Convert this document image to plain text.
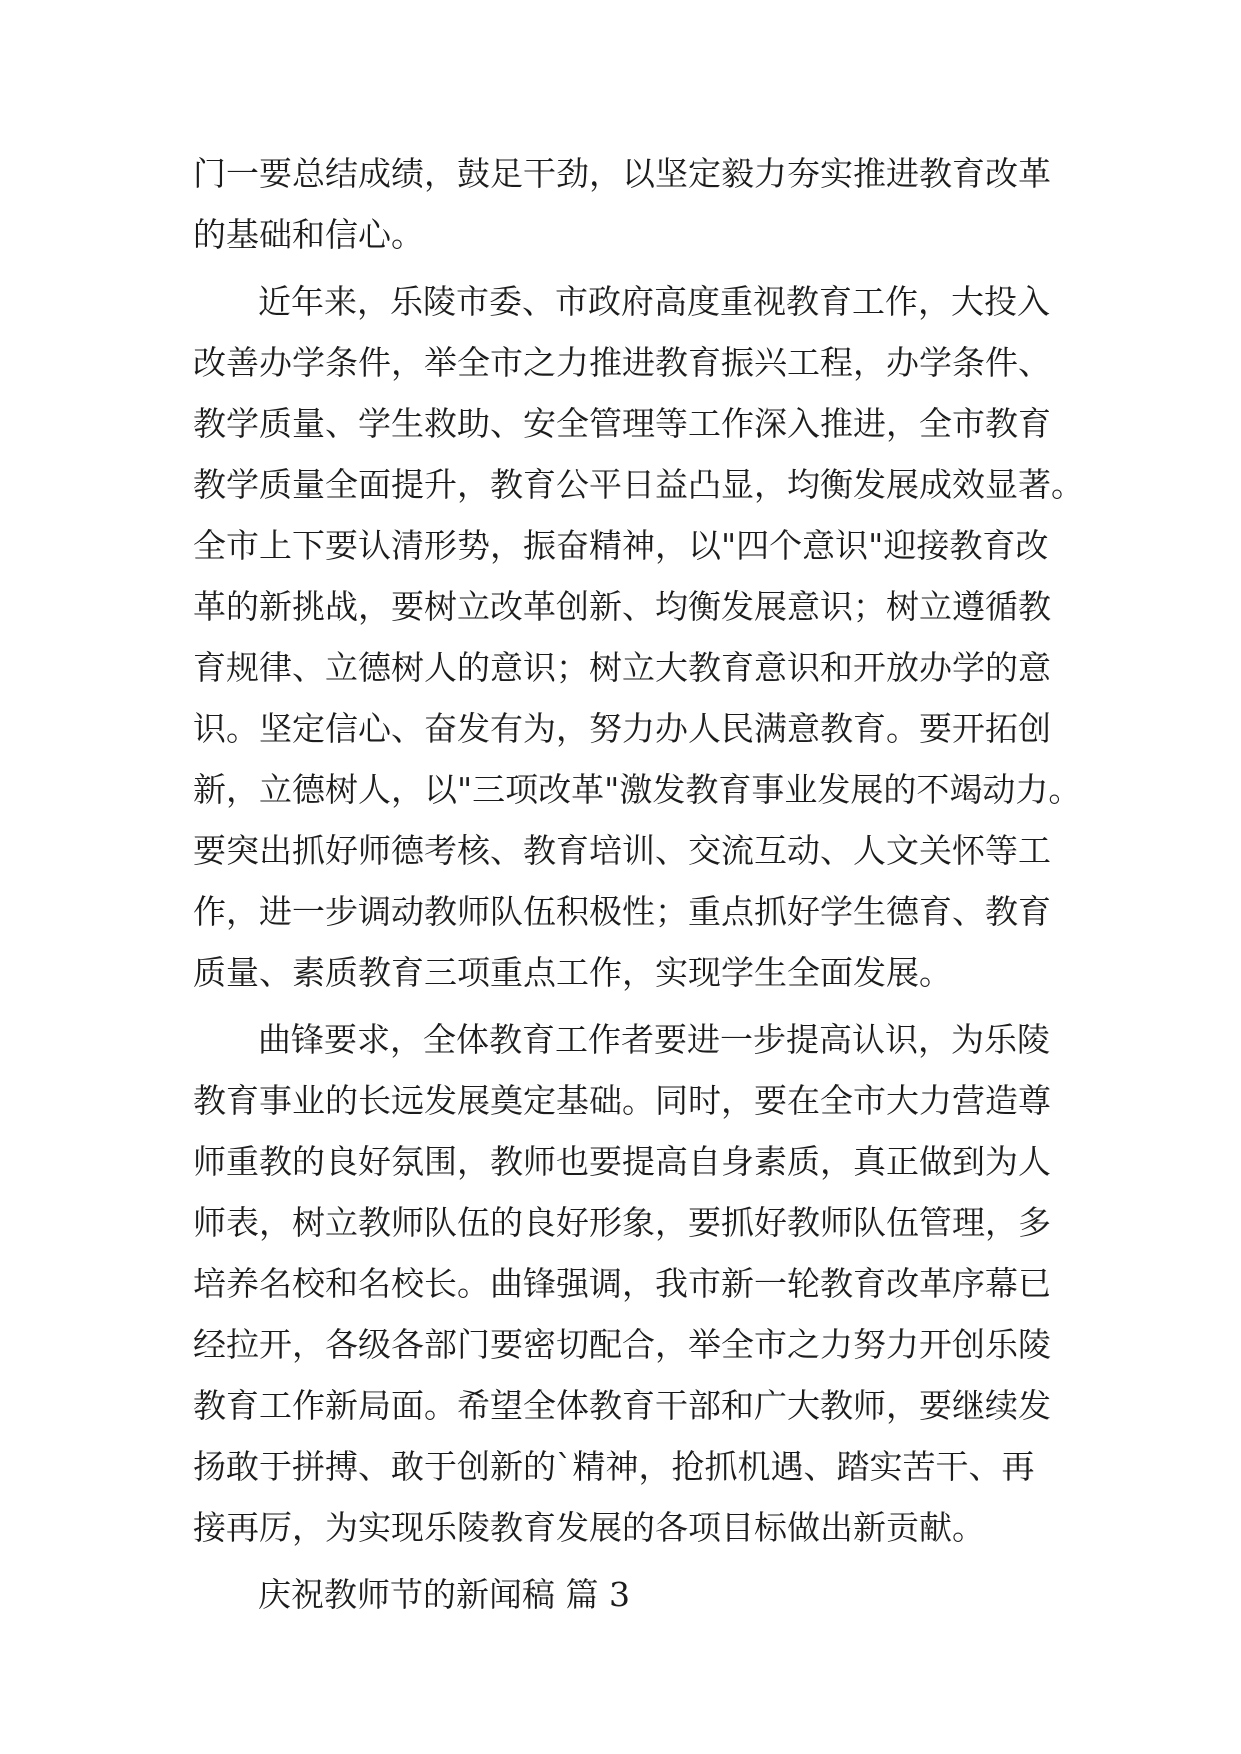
门一要总结成绩，鼓足干劲，以坚定毅力夯实推进教育改革
的基础和信心。
近年来，乐陵市委、市政府高度重视教育工作，大投入
改善办学条件，举全市之力推进教育振兴工程，办学条件、
教学质量、学生救助、安全管理等工作深入推进，全市教育
教学质量全面提升，教育公平日益凸显，均衡发展成效显著。
全市上下要认清形势，振奋精神，以"四个意识"迎接教育改
革的新挑战，要树立改革创新、均衡发展意识；树立遵循教
育规律、立德树人的意识；树立大教育意识和开放办学的意
识。坚定信心、奋发有为，努力办人民满意教育。要开拓创
新，立德树人，以"三项改革"激发教育事业发展的不竭动力。
要突出抓好师德考核、教育培训、交流互动、人文关怀等工
作，进一步调动教师队伍积极性；重点抓好学生德育、教育
质量、素质教育三项重点工作，实现学生全面发展。
曲锋要求，全体教育工作者要进一步提高认识，为乐陵
教育事业的长远发展奠定基础。同时，要在全市大力营造尊
师重教的良好氛围，教师也要提高自身素质，真正做到为人
师表，树立教师队伍的良好形象，要抓好教师队伍管理，多
培养名校和名校长。曲锋强调，我市新一轮教育改革序幕已
经拉开，各级各部门要密切配合，举全市之力努力开创乐陵
教育工作新局面。希望全体教育干部和广大教师，要继续发
扬敢于拼搏、敢于创新的`精神，抢抓机遇、踏实苦干、再
接再厉，为实现乐陵教育发展的各项目标做出新贡献。
庆祝教师节的新闻稿 篇 3
